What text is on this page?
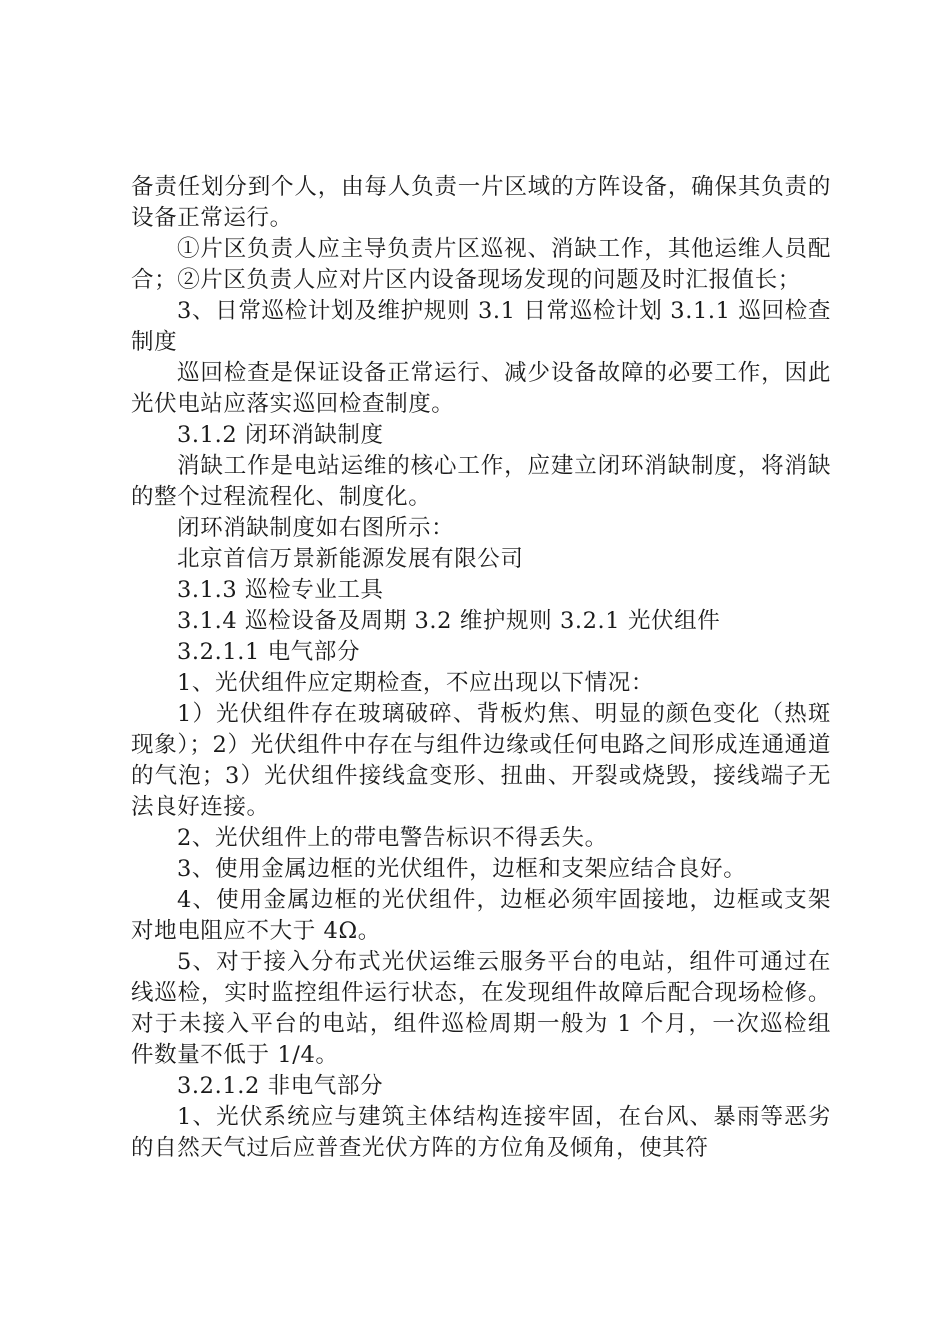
备责任划分到个人，由每人负责一片区域的方阵设备，确保其负责的设备正常运行。

①片区负责人应主导负责片区巡视、消缺工作，其他运维人员配合；②片区负责人应对片区内设备现场发现的问题及时汇报值长；

3、日常巡检计划及维护规则 3.1 日常巡检计划 3.1.1 巡回检查制度

巡回检查是保证设备正常运行、减少设备故障的必要工作，因此光伏电站应落实巡回检查制度。

3.1.2 闭环消缺制度

消缺工作是电站运维的核心工作，应建立闭环消缺制度，将消缺的整个过程流程化、制度化。

闭环消缺制度如右图所示：

北京首信万景新能源发展有限公司

3.1.3 巡检专业工具

3.1.4 巡检设备及周期 3.2 维护规则 3.2.1 光伏组件

3.2.1.1 电气部分

1、光伏组件应定期检查，不应出现以下情况：

1）光伏组件存在玻璃破碎、背板灼焦、明显的颜色变化（热斑现象）；2）光伏组件中存在与组件边缘或任何电路之间形成连通通道的气泡；3）光伏组件接线盒变形、扭曲、开裂或烧毁，接线端子无法良好连接。

2、光伏组件上的带电警告标识不得丢失。

3、使用金属边框的光伏组件，边框和支架应结合良好。

4、使用金属边框的光伏组件，边框必须牢固接地，边框或支架对地电阻应不大于 4Ω。

5、对于接入分布式光伏运维云服务平台的电站，组件可通过在线巡检，实时监控组件运行状态，在发现组件故障后配合现场检修。对于未接入平台的电站，组件巡检周期一般为 1 个月，一次巡检组件数量不低于 1/4。

3.2.1.2 非电气部分

1、光伏系统应与建筑主体结构连接牢固，在台风、暴雨等恶劣的自然天气过后应普查光伏方阵的方位角及倾角，使其符
